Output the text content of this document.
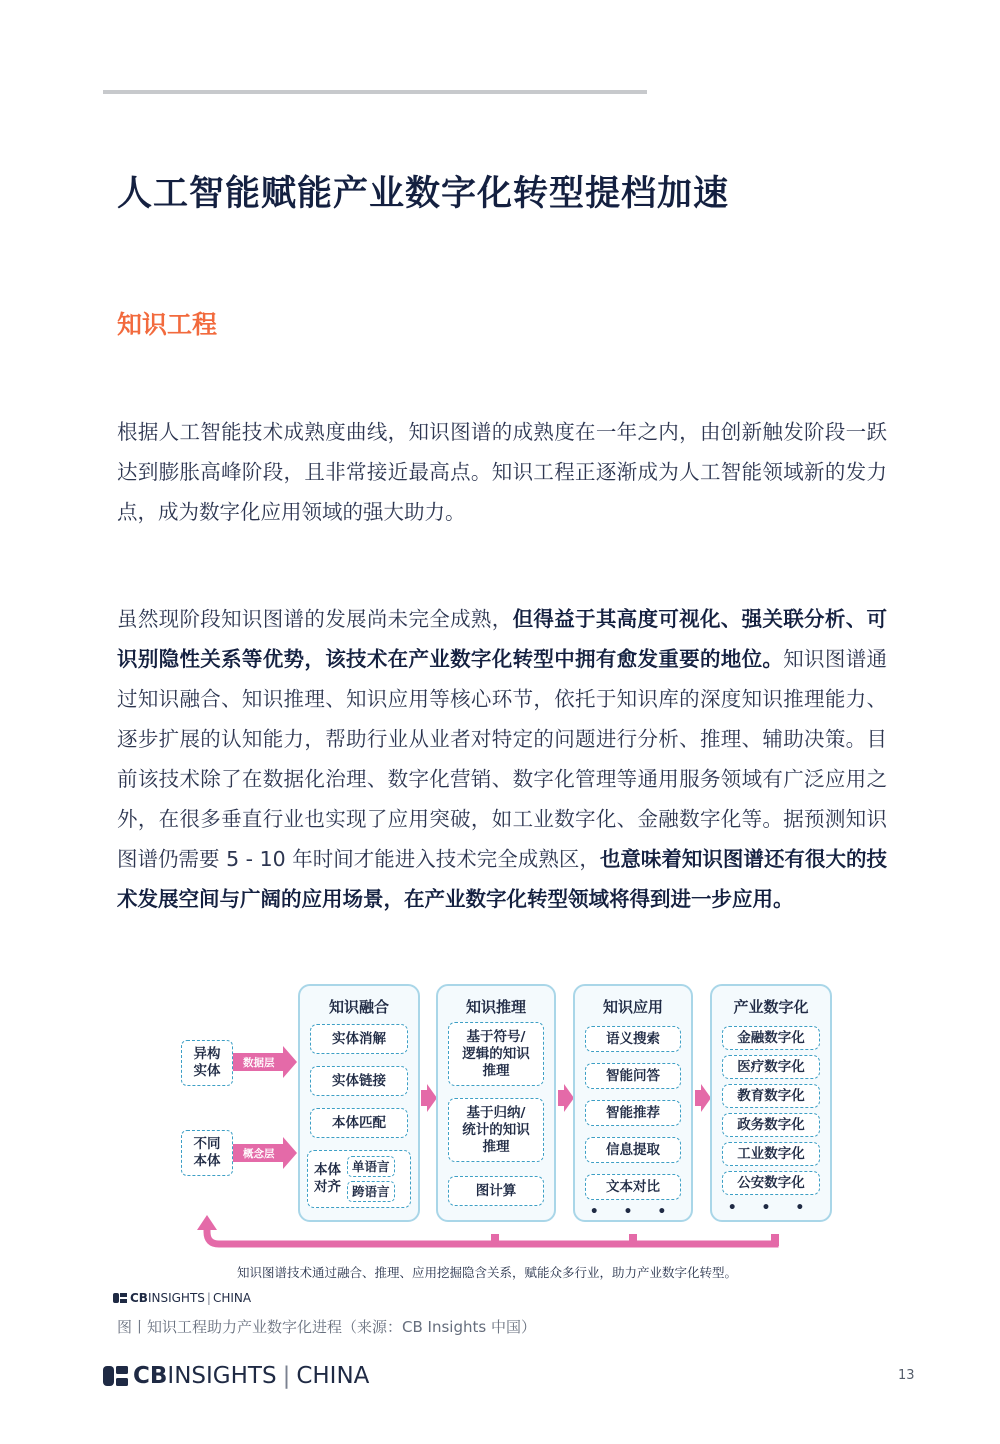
人工智能赋能产业数字化转型提档加速
知识工程

根据人工智能技术成熟度曲线，知识图谱的成熟度在一年之内，由创新触发阶段一跃达到膨胀高峰阶段，且非常接近最高点。知识工程正逐渐成为人工智能领域新的发力点，成为数字化应用领域的强大助力。

虽然现阶段知识图谱的发展尚未完全成熟，但得益于其高度可视化、强关联分析、可识别隐性关系等优势，该技术在产业数字化转型中拥有愈发重要的地位。知识图谱通过知识融合、知识推理、知识应用等核心环节，依托于知识库的深度知识推理能力、逐步扩展的认知能力，帮助行业从业者对特定的问题进行分析、推理、辅助决策。目前该技术除了在数据化治理、数字化营销、数字化管理等通用服务领域有广泛应用之外，在很多垂直行业也实现了应用突破，如工业数字化、金融数字化等。据预测知识图谱仍需要 5 - 10 年时间才能进入技术完全成熟区，也意味着知识图谱还有很大的技术发展空间与广阔的应用场景，在产业数字化转型领域将得到进一步应用。

异构
实体 数据层
不同
本体 概念层
知识融合
实体消解
实体链接
本体匹配
本体
对齐
单语言
跨语言
知识推理
基于符号/
逻辑的知识
推理
基于归纳/
统计的知识
推理
图计算
知识应用
语义搜索
智能问答
智能推荐
信息提取
文本对比
• • •
产业数字化
金融数字化
医疗数字化
教育数字化
政务数字化
工业数字化
公安数字化
• • •
知识图谱技术通过融合、推理、应用挖掘隐含关系，赋能众多行业，助力产业数字化转型。
CB INSIGHTS | CHINA

图丨知识工程助力产业数字化进程（来源：CB Insights 中国）

CB INSIGHTS | CHINA	13
